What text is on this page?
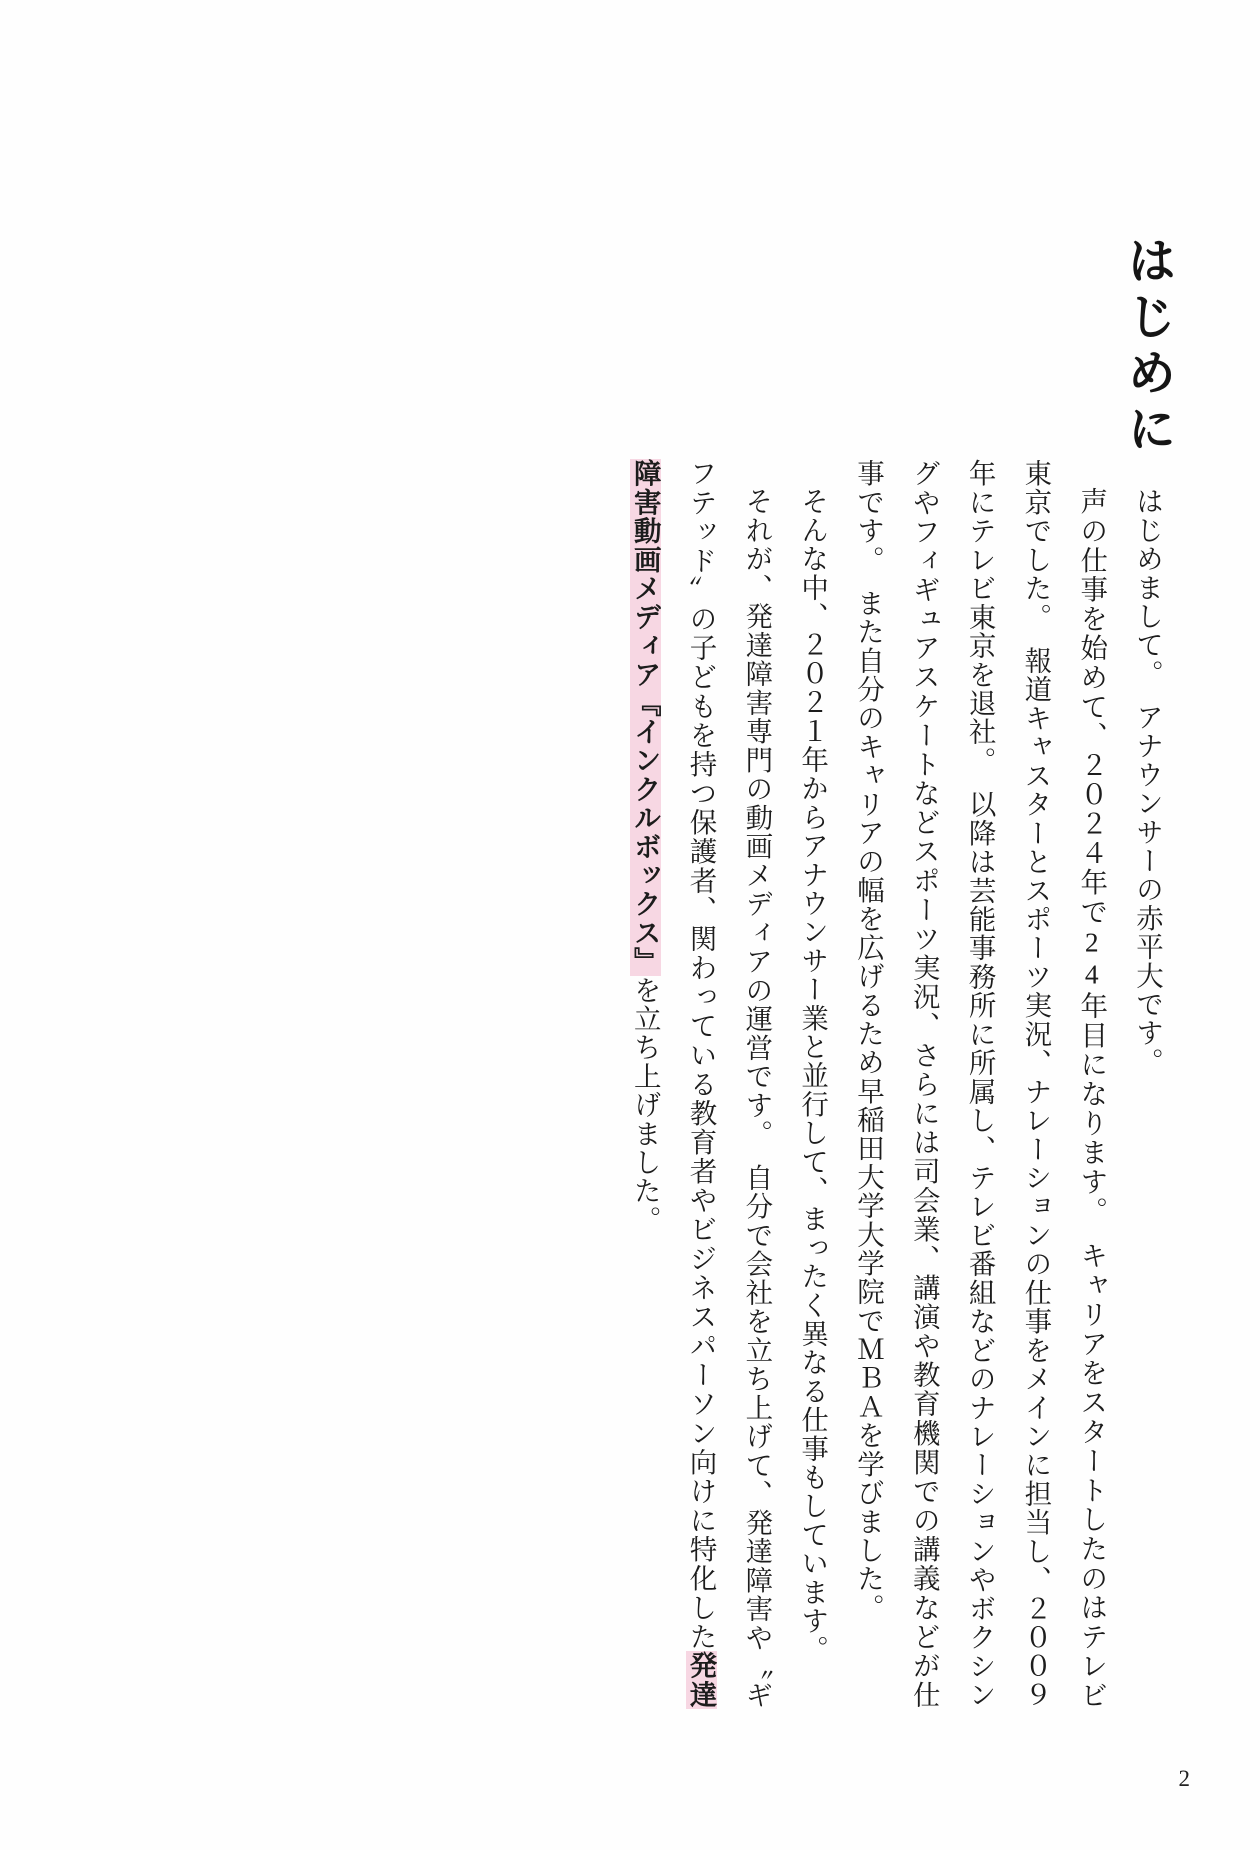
はじめに

はじめまして。　アナウンサーの赤平大です。

声の仕事を始めて、２０２４年で24年目になります。　キャリアをスタートしたのはテレビ東京でした。　報道キャスターとスポーツ実況、ナレーションの仕事をメインに担当し、２００９年にテレビ東京を退社。　以降は芸能事務所に所属し、テレビ番組などのナレーションやボクシングやフィギュアスケートなどスポーツ実況、さらには司会業、講演や教育機関での講義などが仕事です。　また自分のキャリアの幅を広げるため早稲田大学大学院でＭＢＡを学びました。

そんな中、２０２１年からアナウンサー業と並行して、まったく異なる仕事もしています。

それが、発達障害専門の動画メディアの運営です。　自分で会社を立ち上げて、発達障害や〝ギフテッド〟の子どもを持つ保護者、関わっている教育者やビジネスパーソン向けに特化した発達障害動画メディア『インクルボックス』を立ち上げました。

2
